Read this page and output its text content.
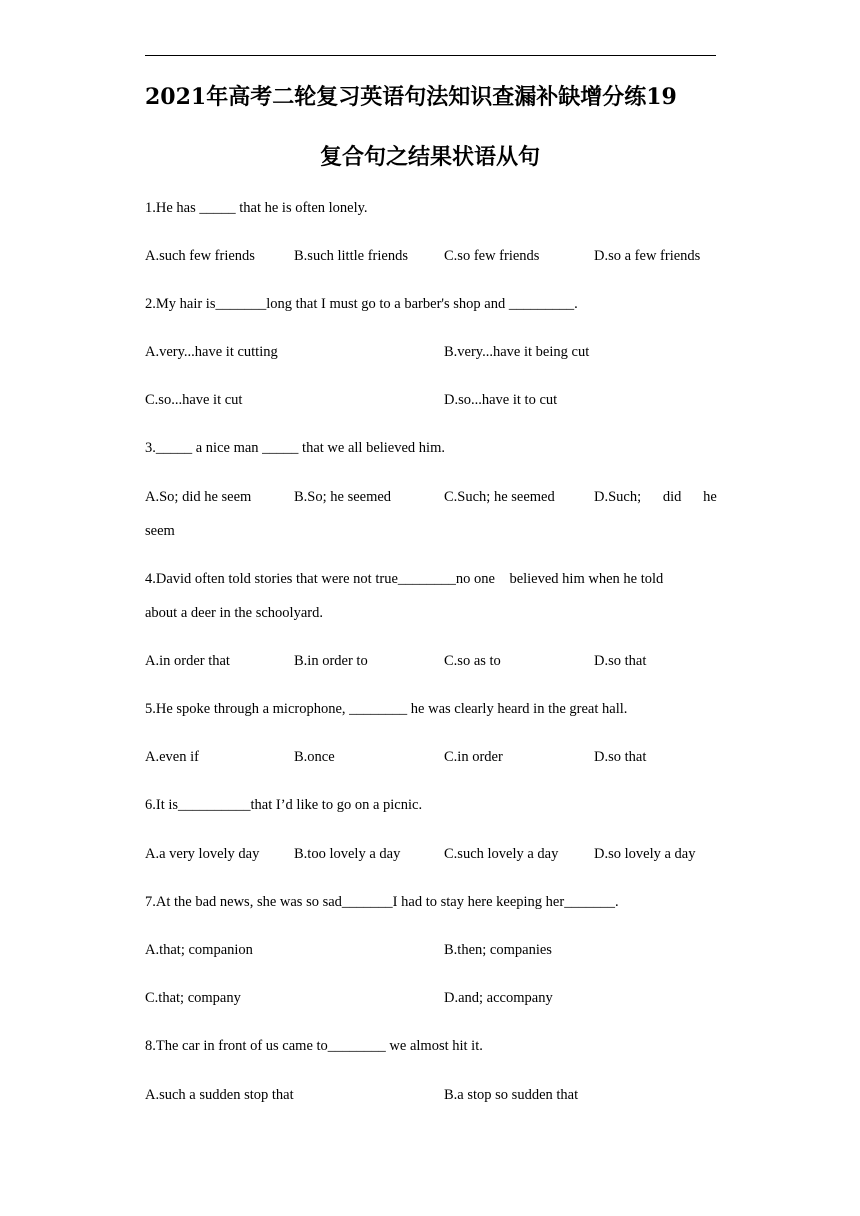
2021年高考二轮复习英语句法知识查漏补缺增分练19
复合句之结果状语从句
1.He has _____ that he is often lonely.
A.such few friends	B.such little friends C.so few friends	D.so a few friends
2.My hair is_______long that I must go to a barber's shop and _________.
A.very...have it cutting	B.very...have it being cut
C.so...have it cut	D.so...have it to cut
3._____ a nice man _____ that we all believed him.
A.So; did he seem	B.So; he seemed	C.Such; he seemed	D.Such;      did      he
seem
4.David often told stories that were not true________no one    believed him when he told
about a deer in the schoolyard.
A.in order that	B.in order to	C.so as to	D.so that
5.He spoke through a microphone, ________ he was clearly heard in the great hall.
A.even if	B.once	C.in order	D.so that
6.It is__________that I’d like to go on a picnic.
A.a very lovely day B.too lovely a day	C.such lovely a day D.so lovely a day
7.At the bad news, she was so sad_______I had to stay here keeping her_______.
A.that; companion	B.then; companies
C.that; company	D.and; accompany
8.The car in front of us came to________ we almost hit it.
A.such a sudden stop that	B.a stop so sudden that
